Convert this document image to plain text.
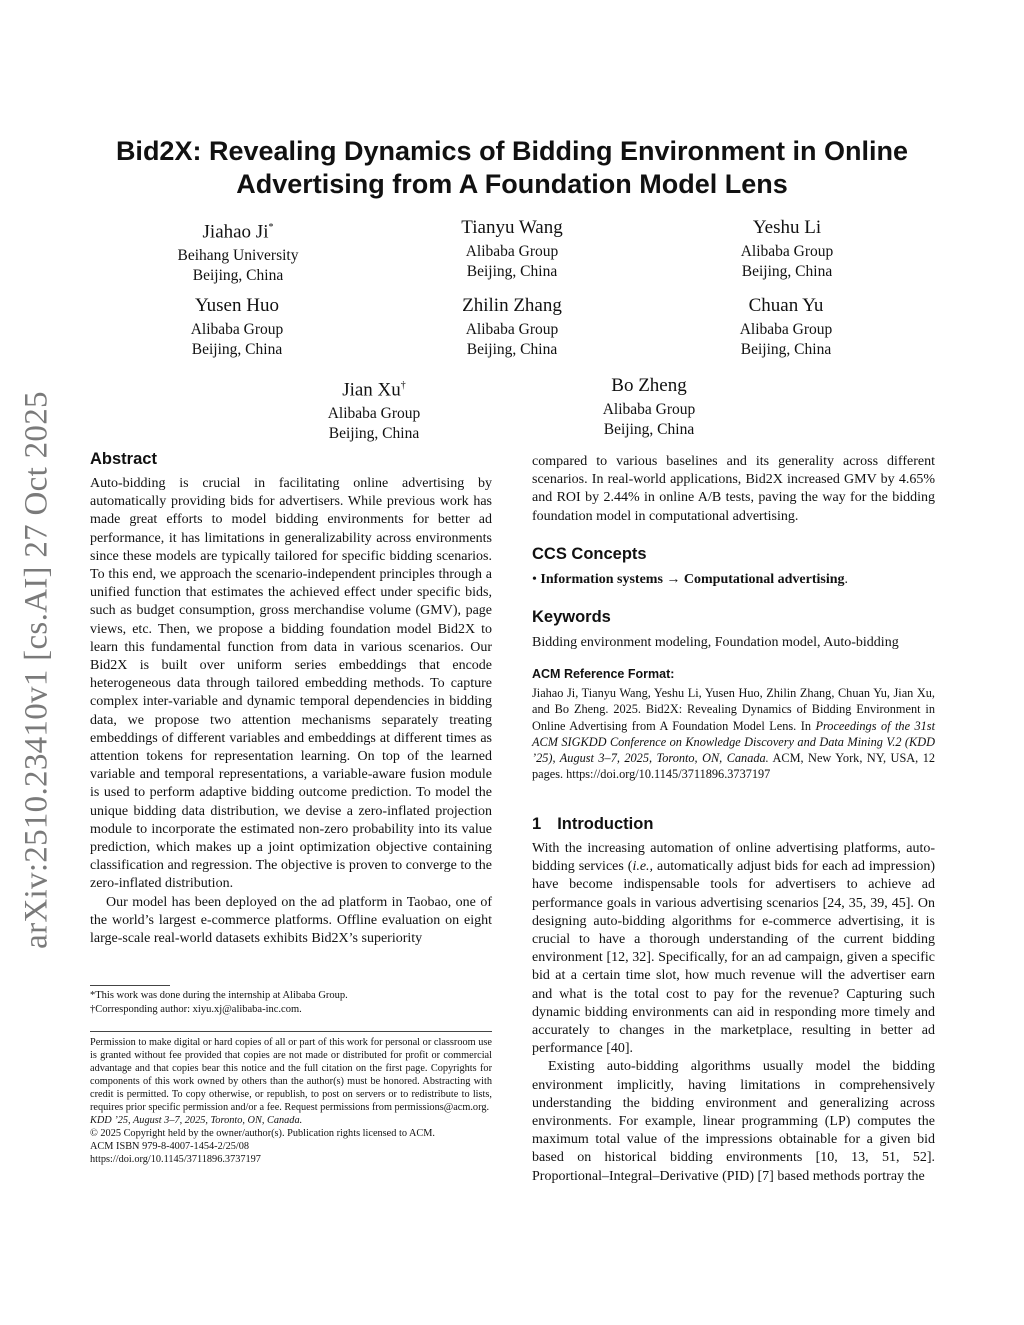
arXiv:2510.23410v1 [cs.AI] 27 Oct 2025
Bid2X: Revealing Dynamics of Bidding Environment in Online
Advertising from A Foundation Model Lens
Jiahao Ji*
Beihang University
Beijing, China
Tianyu Wang
Alibaba Group
Beijing, China
Yeshu Li
Alibaba Group
Beijing, China
Yusen Huo
Alibaba Group
Beijing, China
Zhilin Zhang
Alibaba Group
Beijing, China
Chuan Yu
Alibaba Group
Beijing, China
Jian Xu†
Alibaba Group
Beijing, China
Bo Zheng
Alibaba Group
Beijing, China
Abstract

Auto-bidding is crucial in facilitating online advertising by automatically providing bids for advertisers. While previous work has made great efforts to model bidding environments for better ad performance, it has limitations in generalizability across environments since these models are typically tailored for specific bidding scenarios. To this end, we approach the scenario-independent principles through a unified function that estimates the achieved effect under specific bids, such as budget consumption, gross merchandise volume (GMV), page views, etc. Then, we propose a bidding foundation model Bid2X to learn this fundamental function from data in various scenarios. Our Bid2X is built over uniform series embeddings that encode heterogeneous data through tailored embedding methods. To capture complex inter-variable and dynamic temporal dependencies in bidding data, we propose two attention mechanisms separately treating embeddings of different variables and embeddings at different times as attention tokens for representation learning. On top of the learned variable and temporal representations, a variable-aware fusion module is used to perform adaptive bidding outcome prediction. To model the unique bidding data distribution, we devise a zero-inflated projection module to incorporate the estimated non-zero probability into its value prediction, which makes up a joint optimization objective containing classification and regression. The objective is proven to converge to the zero-inflated distribution.

Our model has been deployed on the ad platform in Taobao, one of the world’s largest e-commerce platforms. Offline evaluation on eight large-scale real-world datasets exhibits Bid2X’s superiority

*This work was done during the internship at Alibaba Group.
†Corresponding author: xiyu.xj@alibaba-inc.com.

Permission to make digital or hard copies of all or part of this work for personal or classroom use is granted without fee provided that copies are not made or distributed for profit or commercial advantage and that copies bear this notice and the full citation on the first page. Copyrights for components of this work owned by others than the author(s) must be honored. Abstracting with credit is permitted. To copy otherwise, or republish, to post on servers or to redistribute to lists, requires prior specific permission and/or a fee. Request permissions from permissions@acm.org.

KDD ’25, August 3–7, 2025, Toronto, ON, Canada.

© 2025 Copyright held by the owner/author(s). Publication rights licensed to ACM.

ACM ISBN 979-8-4007-1454-2/25/08

https://doi.org/10.1145/3711896.3737197

compared to various baselines and its generality across different scenarios. In real-world applications, Bid2X increased GMV by 4.65% and ROI by 2.44% in online A/B tests, paving the way for the bidding foundation model in computational advertising.

CCS Concepts
• Information systems → Computational advertising.
Keywords
Bidding environment modeling, Foundation model, Auto-bidding
ACM Reference Format:
Jiahao Ji, Tianyu Wang, Yeshu Li, Yusen Huo, Zhilin Zhang, Chuan Yu, Jian Xu, and Bo Zheng. 2025. Bid2X: Revealing Dynamics of Bidding Environment in Online Advertising from A Foundation Model Lens. In Proceedings of the 31st ACM SIGKDD Conference on Knowledge Discovery and Data Mining V.2 (KDD ’25), August 3–7, 2025, Toronto, ON, Canada. ACM, New York, NY, USA, 12 pages. https://doi.org/10.1145/3711896.3737197
1 Introduction

With the increasing automation of online advertising platforms, auto-bidding services (i.e., automatically adjust bids for each ad impression) have become indispensable tools for advertisers to achieve ad performance goals in various advertising scenarios [24, 35, 39, 45]. On designing auto-bidding algorithms for e-commerce advertising, it is crucial to have a thorough understanding of the current bidding environment [12, 32]. Specifically, for an ad campaign, given a specific bid at a certain time slot, how much revenue will the advertiser earn and what is the total cost to pay for the revenue? Capturing such dynamic bidding environments can aid in responding more timely and accurately to changes in the marketplace, resulting in better ad performance [40].

Existing auto-bidding algorithms usually model the bidding environment implicitly, having limitations in comprehensively understanding the bidding environment and generalizing across environments. For example, linear programming (LP) computes the maximum total value of the impressions obtainable for a given bid based on historical bidding environments [10, 13, 51, 52]. Proportional–Integral–Derivative (PID) [7] based methods portray the
